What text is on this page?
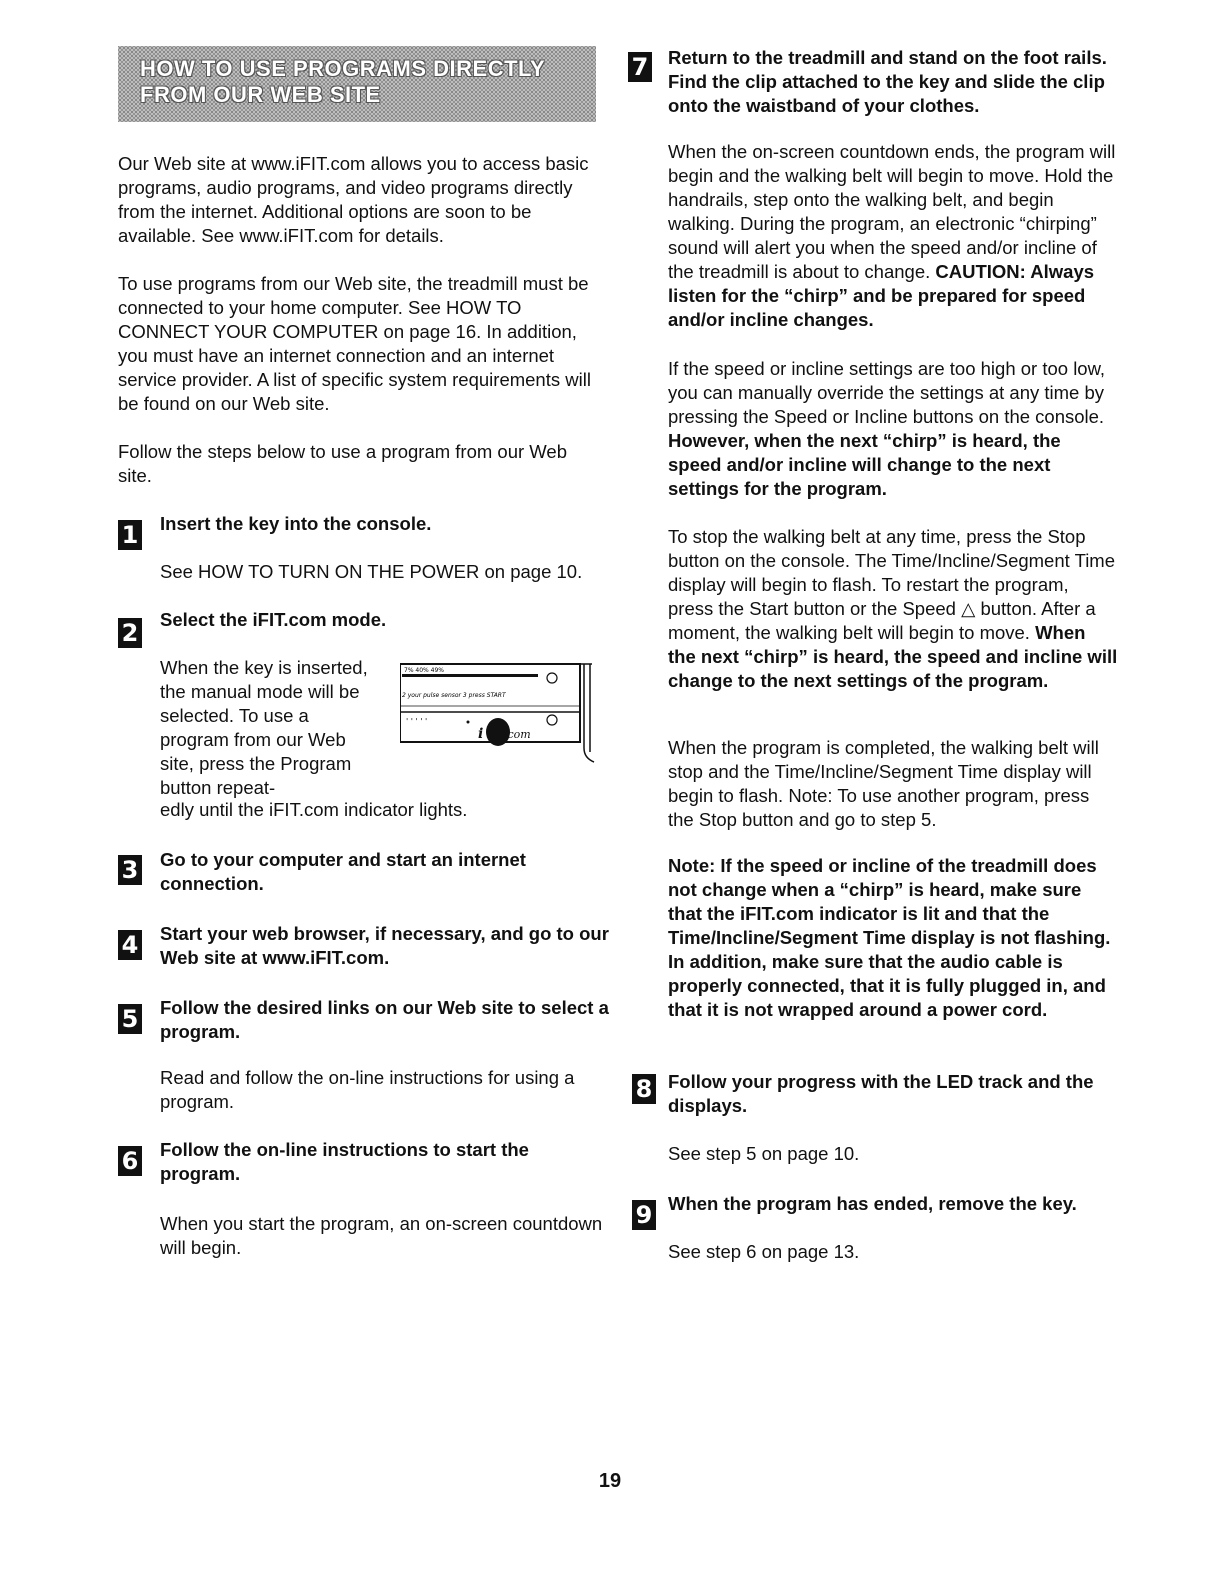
HOW TO USE PROGRAMS DIRECTLY FROM OUR WEB SITE

Our Web site at www.iFIT.com allows you to access basic programs, audio programs, and video programs directly from the internet. Additional options are soon to be available. See www.iFIT.com for details.

To use programs from our Web site, the treadmill must be connected to your home computer. See HOW TO CONNECT YOUR COMPUTER on page 16. In addition, you must have an internet connection and an internet service provider. A list of specific system requirements will be found on our Web site.

Follow the steps below to use a program from our Web site.

1 Insert the key into the console.

See HOW TO TURN ON THE POWER on page 10.

2 Select the iFIT.com mode.

When the key is inserted, the manual mode will be selected. To use a program from our Web site, press the Program button repeat-

edly until the iFIT.com indicator lights.

7% 40% 49%
2 your pulse sensor 3 press START
' ' ' ' '
i .com
3 Go to your computer and start an internet connection.
4 Start your web browser, if necessary, and go to our Web site at www.iFIT.com.
5 Follow the desired links on our Web site to select a program.

Read and follow the on-line instructions for using a program.

6 Follow the on-line instructions to start the program.

When you start the program, an on-screen countdown will begin.

7 Return to the treadmill and stand on the foot rails. Find the clip attached to the key and slide the clip onto the waistband of your clothes.

When the on-screen countdown ends, the program will begin and the walking belt will begin to move. Hold the handrails, step onto the walking belt, and begin walking. During the program, an electronic “chirping” sound will alert you when the speed and/or incline of the treadmill is about to change. CAUTION: Always listen for the “chirp” and be prepared for speed and/or incline changes.

If the speed or incline settings are too high or too low, you can manually override the settings at any time by pressing the Speed or Incline buttons on the console. However, when the next “chirp” is heard, the speed and/or incline will change to the next settings for the program.

To stop the walking belt at any time, press the Stop button on the console. The Time/Incline/Segment Time display will begin to flash. To restart the program, press the Start button or the Speed △ button. After a moment, the walking belt will begin to move. When the next “chirp” is heard, the speed and incline will change to the next settings of the program.

When the program is completed, the walking belt will stop and the Time/Incline/Segment Time display will begin to flash. Note: To use another program, press the Stop button and go to step 5.

Note: If the speed or incline of the treadmill does not change when a “chirp” is heard, make sure that the iFIT.com indicator is lit and that the Time/Incline/Segment Time display is not flashing. In addition, make sure that the audio cable is properly connected, that it is fully plugged in, and that it is not wrapped around a power cord.

8 Follow your progress with the LED track and the displays.

See step 5 on page 10.

9 When the program has ended, remove the key.

See step 6 on page 13.

19
